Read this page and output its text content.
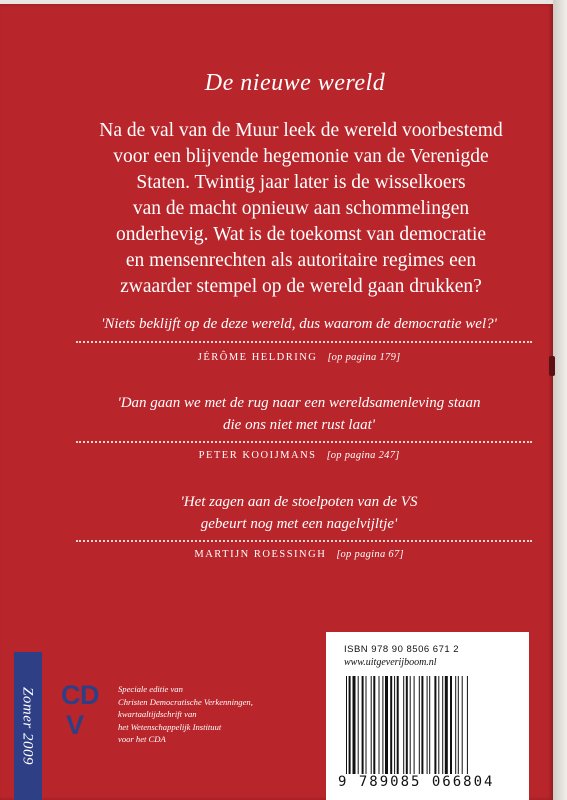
De nieuwe wereld
Na de val van de Muur leek de wereld voorbestemd
voor een blijvende hegemonie van de Verenigde
Staten. Twintig jaar later is de wisselkoers
van de macht opnieuw aan schommelingen
onderhevig. Wat is de toekomst van democratie
en mensenrechten als autoritaire regimes een
zwaarder stempel op de wereld gaan drukken?
'Niets beklijft op de deze wereld, dus waarom de democratie wel?'
JÉRÔME HELDRING [op pagina 179]
'Dan gaan we met de rug naar een wereldsamenleving staan
die ons niet met rust laat'
PETER KOOIJMANS [op pagina 247]
'Het zagen aan de stoelpoten van de VS
gebeurt nog met een nagelvijltje'
MARTIJN ROESSINGH [op pagina 67]
Zomer 2009 C D
V
Speciale editie van
Christen Democratische Verkenningen,
kwartaaltijdschrift van
het Wetenschappelijk Instituut
voor het CDA
ISBN 978 90 8506 671 2
www.uitgeverijboom.nl
9 789085 066804
